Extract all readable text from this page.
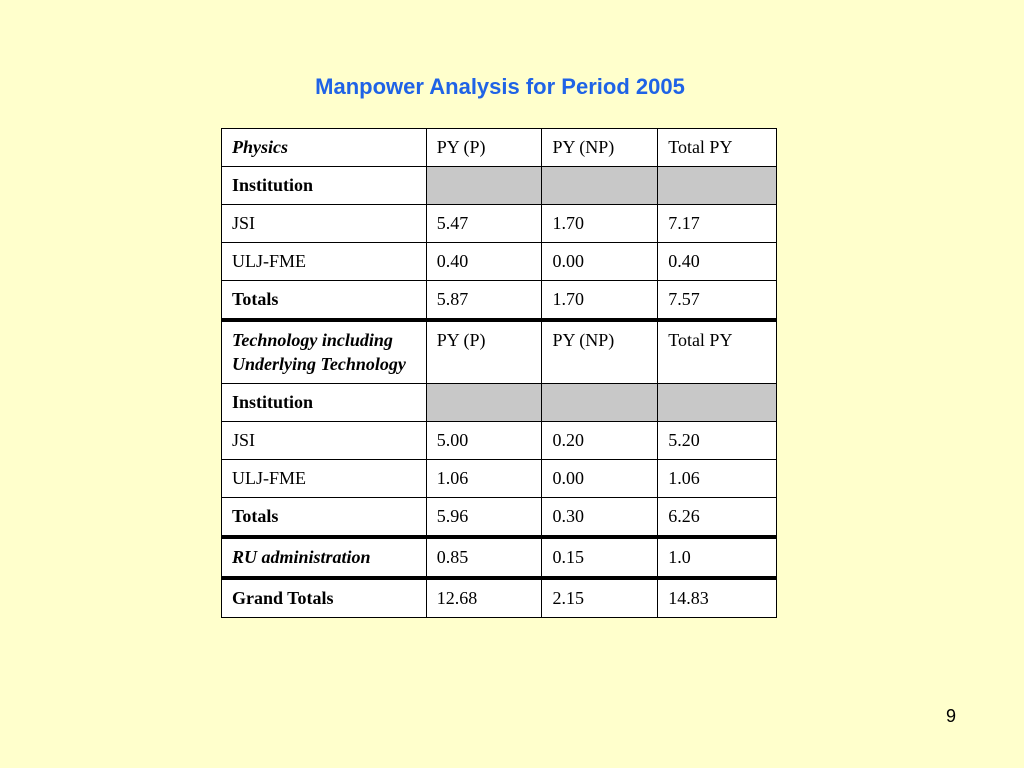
Manpower Analysis for Period 2005
Physics	PY (P)	PY (NP)	Total PY
Institution			
JSI	5.47	1.70	7.17
ULJ-FME	0.40	0.00	0.40
Totals	5.87	1.70	7.57
Technology including Underlying Technology	PY (P)	PY (NP)	Total PY
Institution			
JSI	5.00	0.20	5.20
ULJ-FME	1.06	0.00	1.06
Totals	5.96	0.30	6.26
RU administration	0.85	0.15	1.0
Grand Totals	12.68	2.15	14.83
9
